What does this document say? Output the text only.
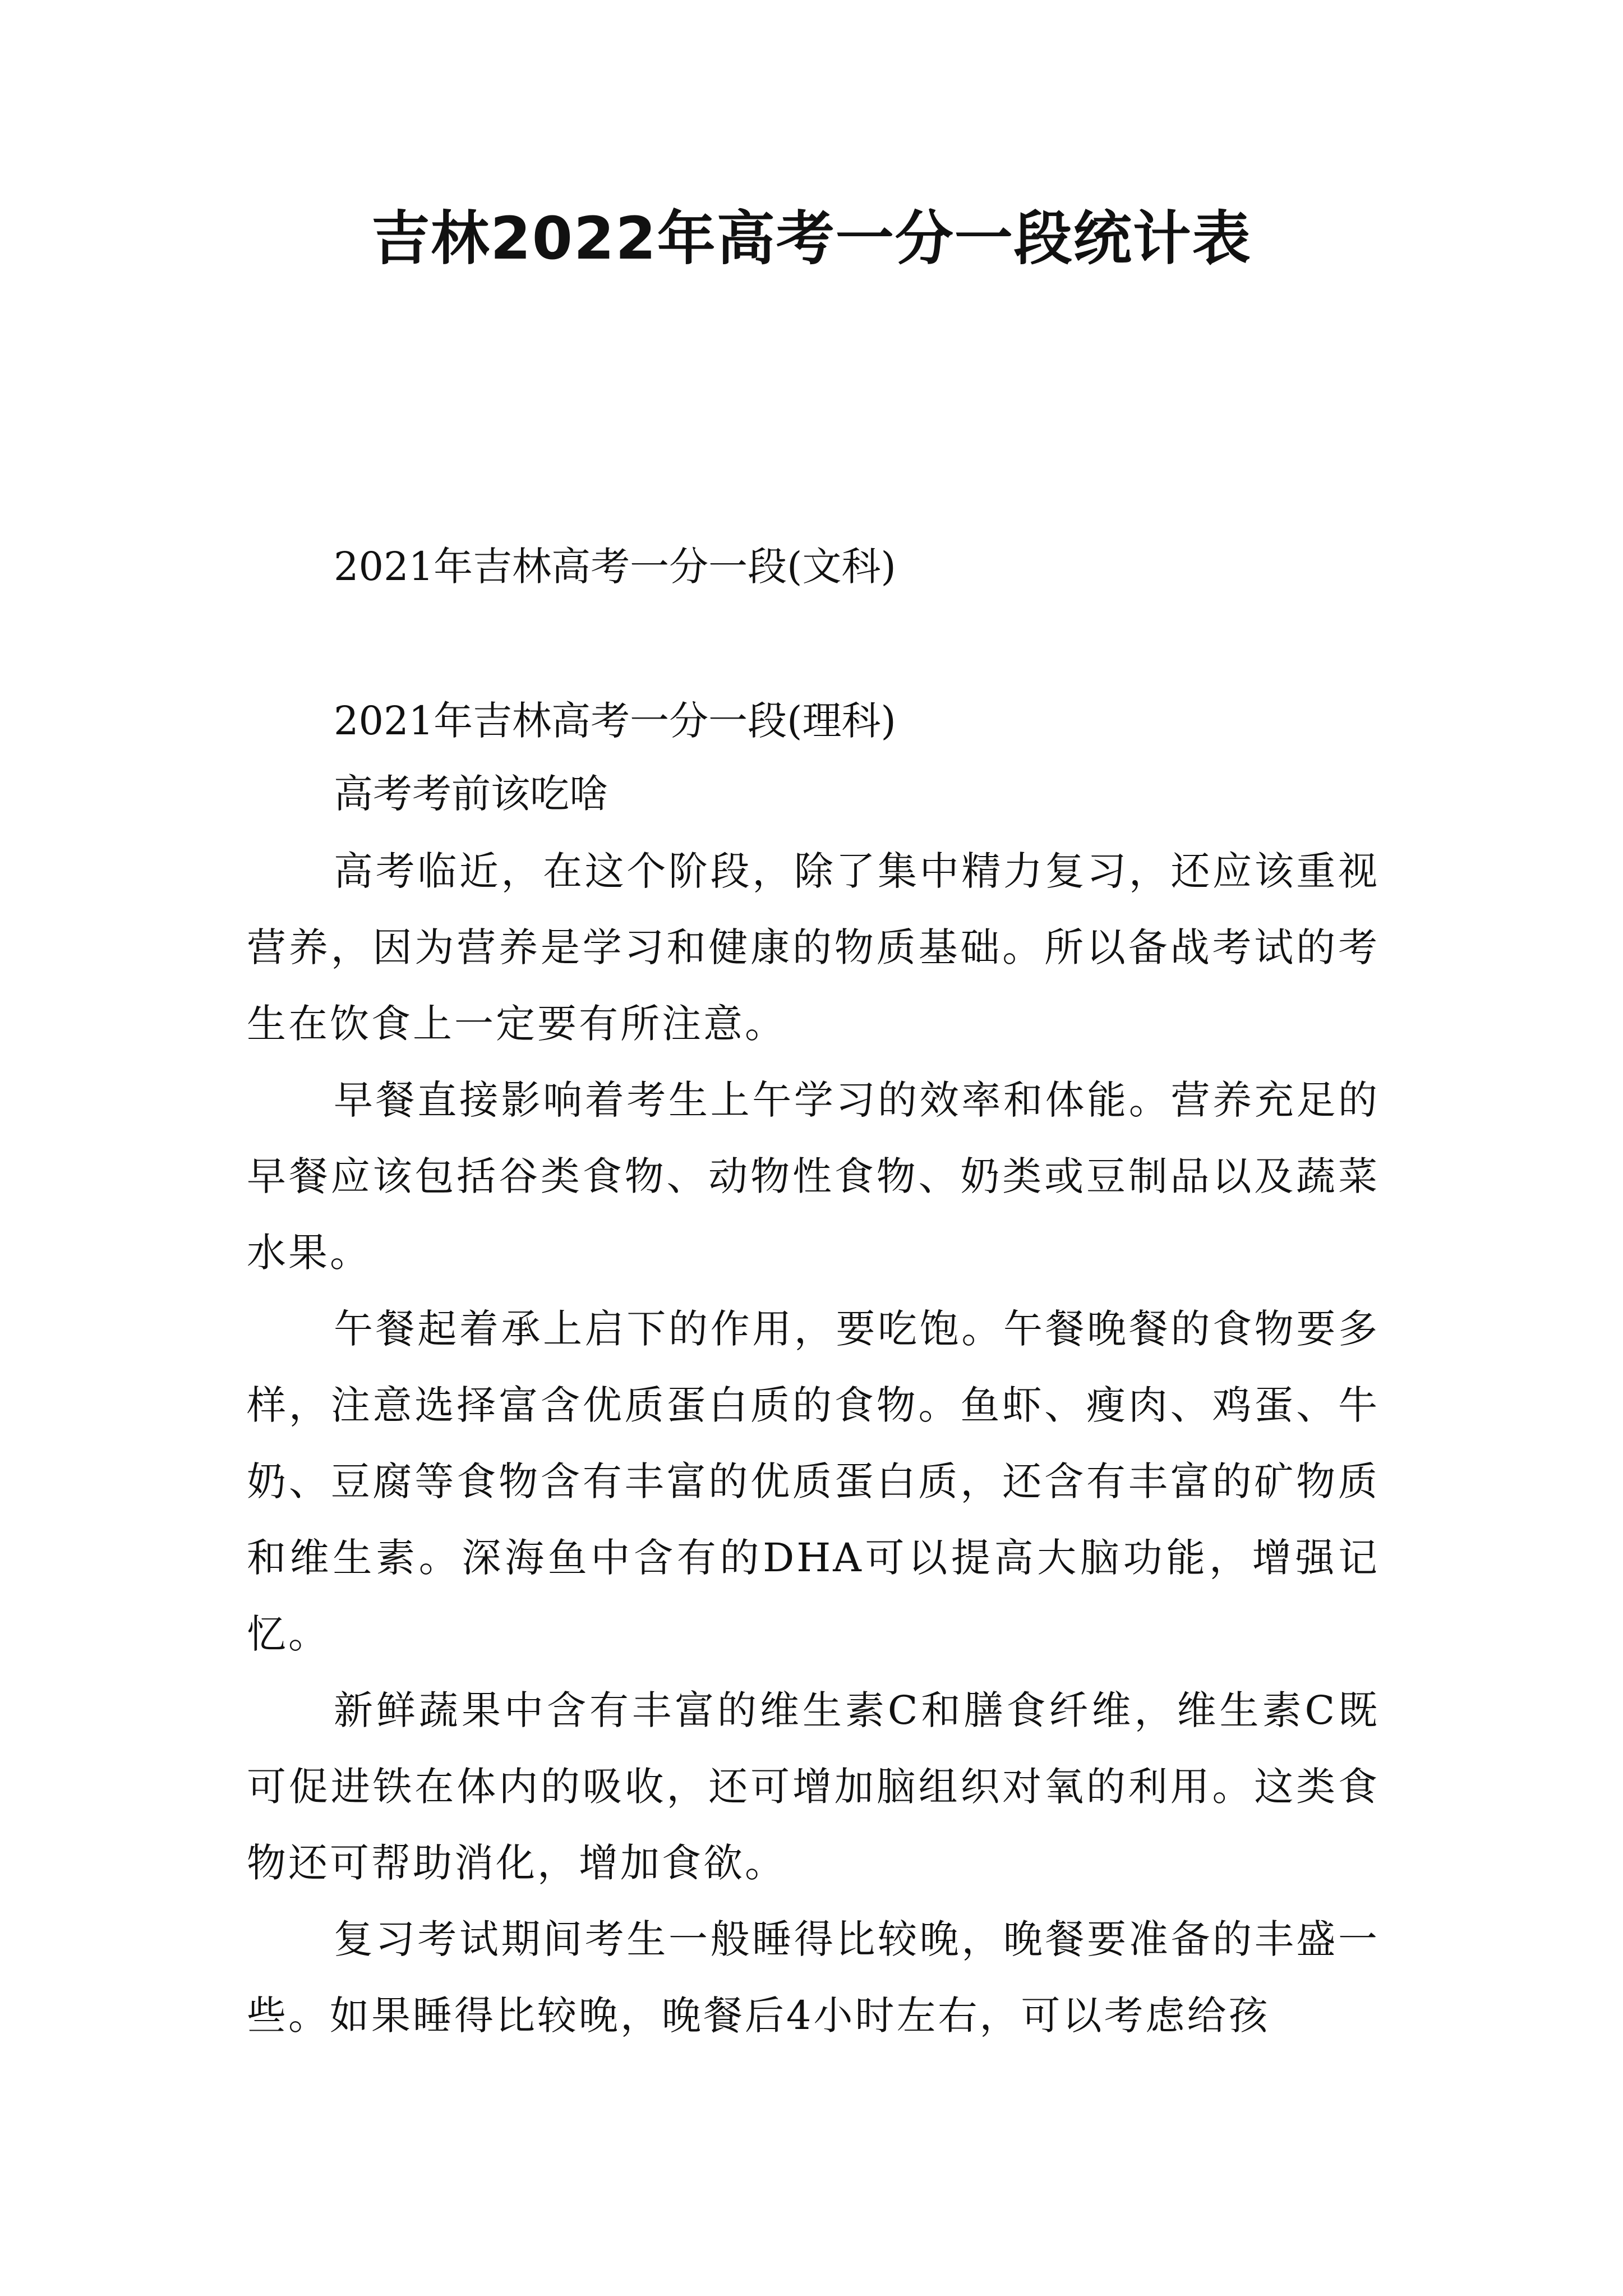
吉林2022年高考一分一段统计表

2021年吉林高考一分一段(文科)

2021年吉林高考一分一段(理科)

高考考前该吃啥

高考临近，在这个阶段，除了集中精力复习，还应该重视营养，因为营养是学习和健康的物质基础。所以备战考试的考生在饮食上一定要有所注意。

早餐直接影响着考生上午学习的效率和体能。营养充足的早餐应该包括谷类食物、动物性食物、奶类或豆制品以及蔬菜水果。

午餐起着承上启下的作用，要吃饱。午餐晚餐的食物要多样，注意选择富含优质蛋白质的食物。鱼虾、瘦肉、鸡蛋、牛奶、豆腐等食物含有丰富的优质蛋白质，还含有丰富的矿物质和维生素。深海鱼中含有的DHA可以提高大脑功能，增强记忆。

新鲜蔬果中含有丰富的维生素C和膳食纤维，维生素C既可促进铁在体内的吸收，还可增加脑组织对氧的利用。这类食物还可帮助消化，增加食欲。

复习考试期间考生一般睡得比较晚，晚餐要准备的丰盛一些。如果睡得比较晚，晚餐后4小时左右，可以考虑给孩
